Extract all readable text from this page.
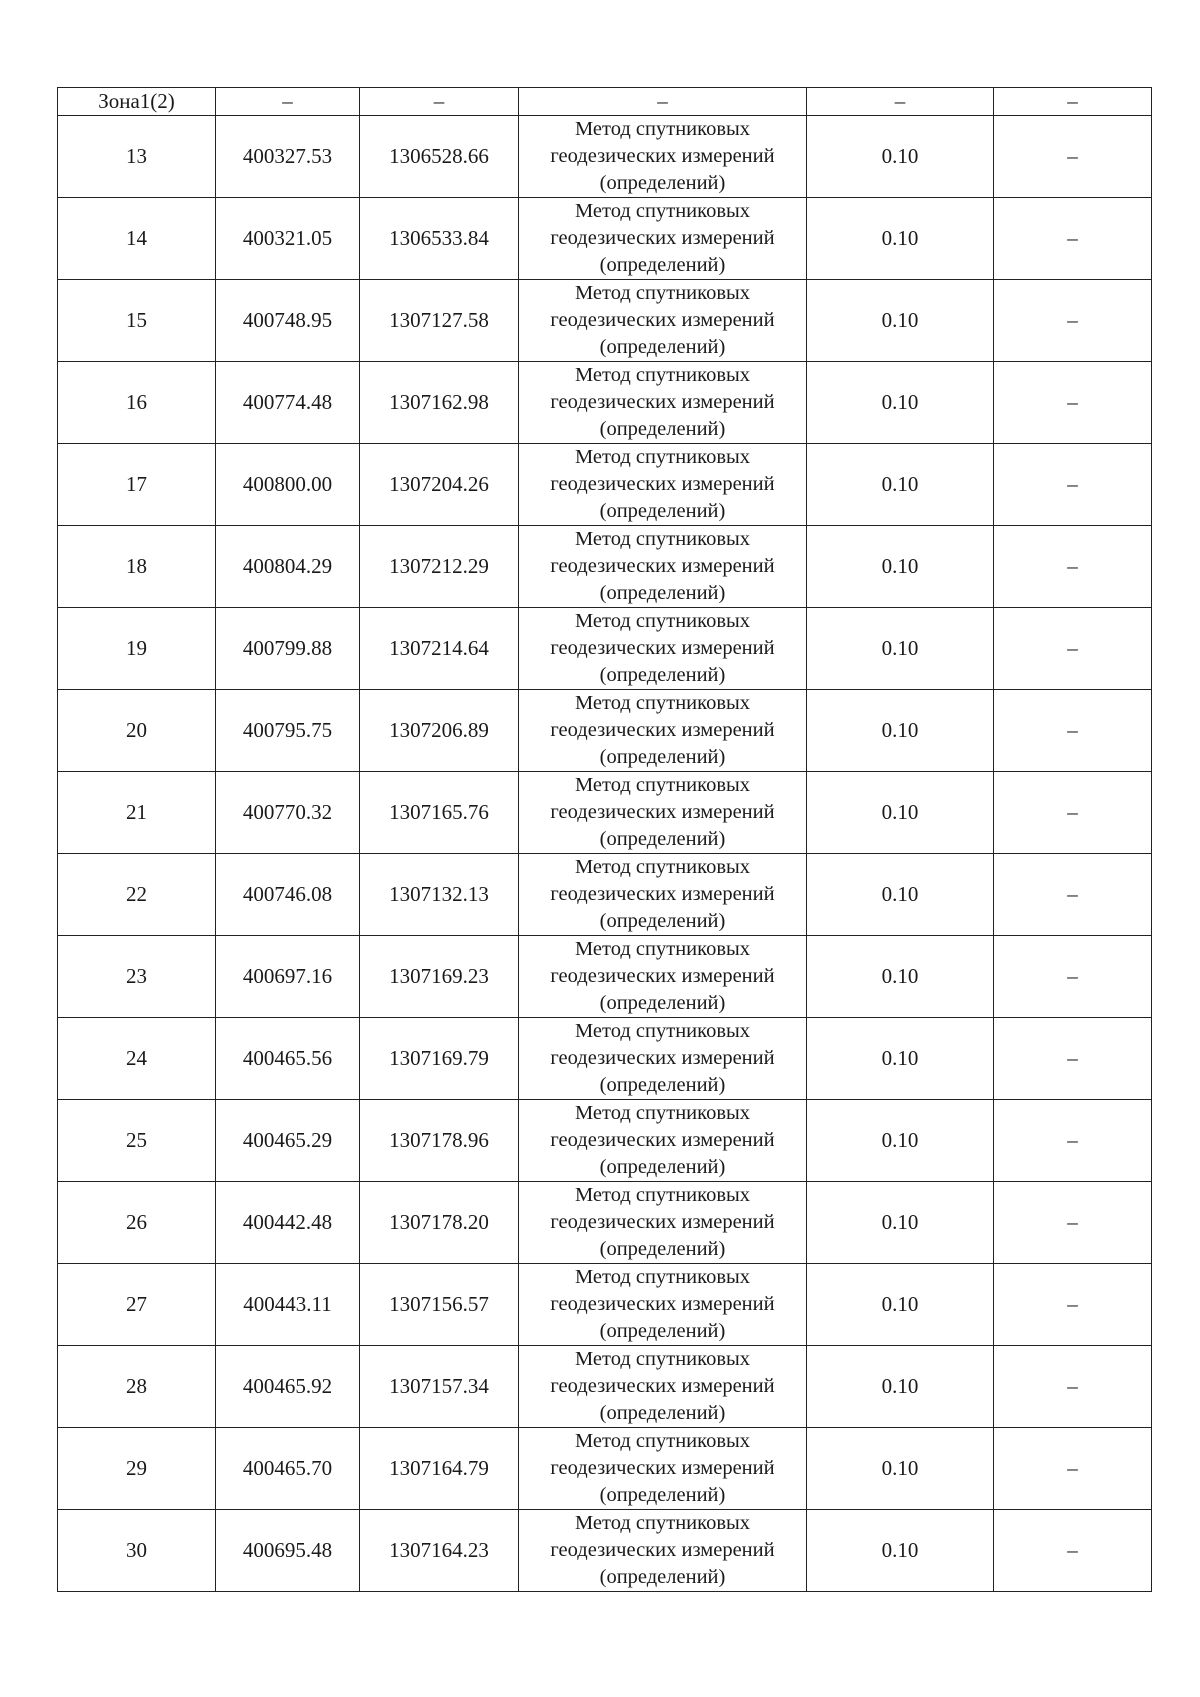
Зона1(2)	–	–	–	–	–
13	400327.53	1306528.66	Метод спутниковых
геодезических измерений
(определений)	0.10	–
14	400321.05	1306533.84	Метод спутниковых
геодезических измерений
(определений)	0.10	–
15	400748.95	1307127.58	Метод спутниковых
геодезических измерений
(определений)	0.10	–
16	400774.48	1307162.98	Метод спутниковых
геодезических измерений
(определений)	0.10	–
17	400800.00	1307204.26	Метод спутниковых
геодезических измерений
(определений)	0.10	–
18	400804.29	1307212.29	Метод спутниковых
геодезических измерений
(определений)	0.10	–
19	400799.88	1307214.64	Метод спутниковых
геодезических измерений
(определений)	0.10	–
20	400795.75	1307206.89	Метод спутниковых
геодезических измерений
(определений)	0.10	–
21	400770.32	1307165.76	Метод спутниковых
геодезических измерений
(определений)	0.10	–
22	400746.08	1307132.13	Метод спутниковых
геодезических измерений
(определений)	0.10	–
23	400697.16	1307169.23	Метод спутниковых
геодезических измерений
(определений)	0.10	–
24	400465.56	1307169.79	Метод спутниковых
геодезических измерений
(определений)	0.10	–
25	400465.29	1307178.96	Метод спутниковых
геодезических измерений
(определений)	0.10	–
26	400442.48	1307178.20	Метод спутниковых
геодезических измерений
(определений)	0.10	–
27	400443.11	1307156.57	Метод спутниковых
геодезических измерений
(определений)	0.10	–
28	400465.92	1307157.34	Метод спутниковых
геодезических измерений
(определений)	0.10	–
29	400465.70	1307164.79	Метод спутниковых
геодезических измерений
(определений)	0.10	–
30	400695.48	1307164.23	Метод спутниковых
геодезических измерений
(определений)	0.10	–
